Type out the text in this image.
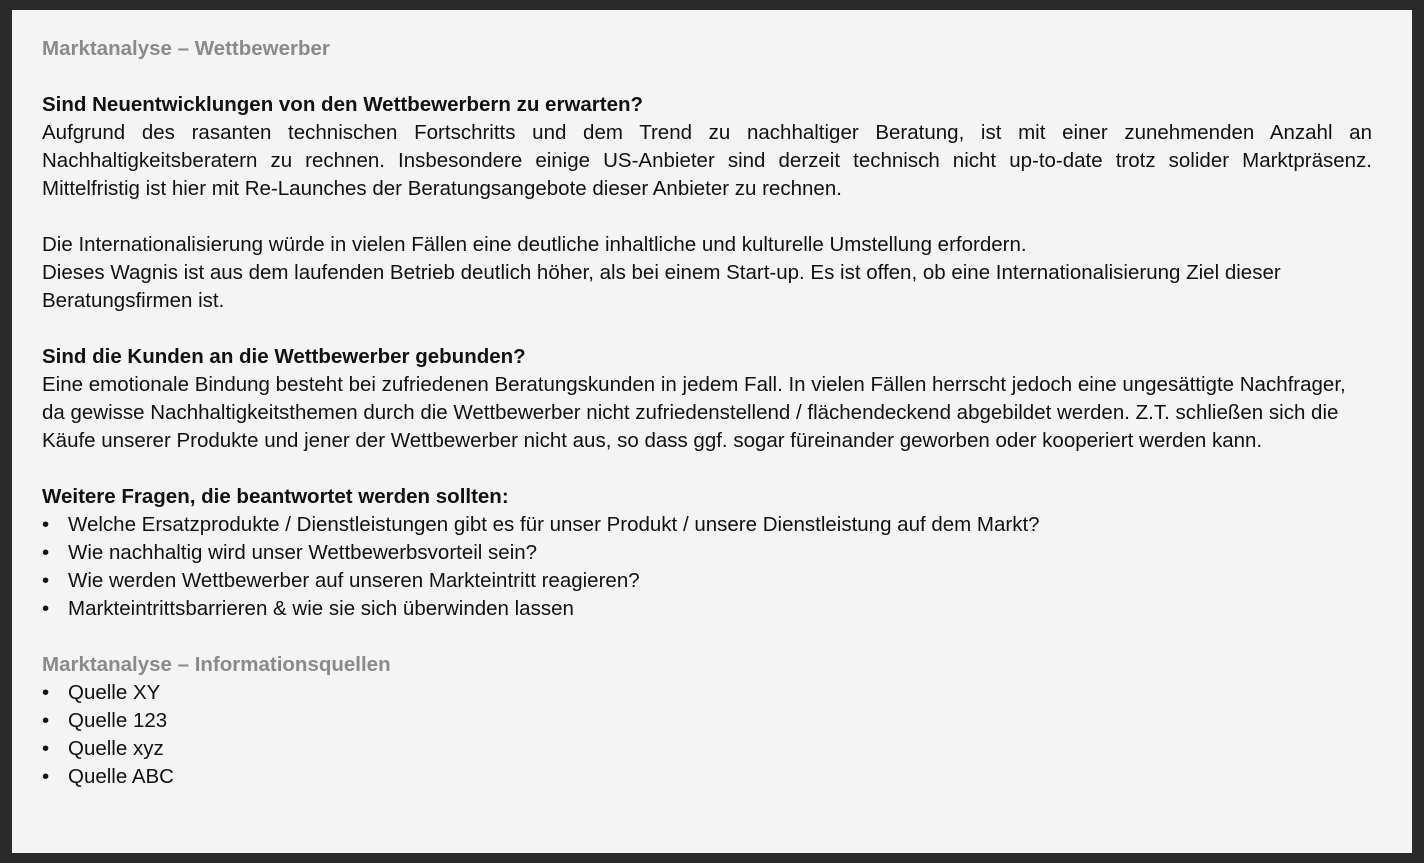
Marktanalyse – Wettbewerber

Sind Neuentwicklungen von den Wettbewerbern zu erwarten?

Aufgrund des rasanten technischen Fortschritts und dem Trend zu nachhaltiger Beratung, ist mit einer zunehmenden Anzahl an Nachhaltigkeitsberatern zu rechnen. Insbesondere einige US-Anbieter sind derzeit technisch nicht up-to-date trotz solider Marktpräsenz. Mittelfristig ist hier mit Re-Launches der Beratungsangebote dieser Anbieter zu rechnen.

Die Internationalisierung würde in vielen Fällen eine deutliche inhaltliche und kulturelle Umstellung erfordern.

Dieses Wagnis ist aus dem laufenden Betrieb deutlich höher, als bei einem Start-up. Es ist offen, ob eine Internationalisierung Ziel dieser Beratungsfirmen ist.

Sind die Kunden an die Wettbewerber gebunden?

Eine emotionale Bindung besteht bei zufriedenen Beratungskunden in jedem Fall. In vielen Fällen herrscht jedoch eine ungesättigte Nachfrager, da gewisse Nachhaltigkeitsthemen durch die Wettbewerber nicht zufriedenstellend / flächendeckend abgebildet werden. Z.T. schließen sich die Käufe unserer Produkte und jener der Wettbewerber nicht aus, so dass ggf. sogar füreinander geworben oder kooperiert werden kann.

Weitere Fragen, die beantwortet werden sollten:

• Welche Ersatzprodukte / Dienstleistungen gibt es für unser Produkt / unsere Dienstleistung auf dem Markt?
• Wie nachhaltig wird unser Wettbewerbsvorteil sein?
• Wie werden Wettbewerber auf unseren Markteintritt reagieren?
• Markteintrittsbarrieren & wie sie sich überwinden lassen

Marktanalyse – Informationsquellen

• Quelle XY
• Quelle 123
• Quelle xyz
• Quelle ABC
